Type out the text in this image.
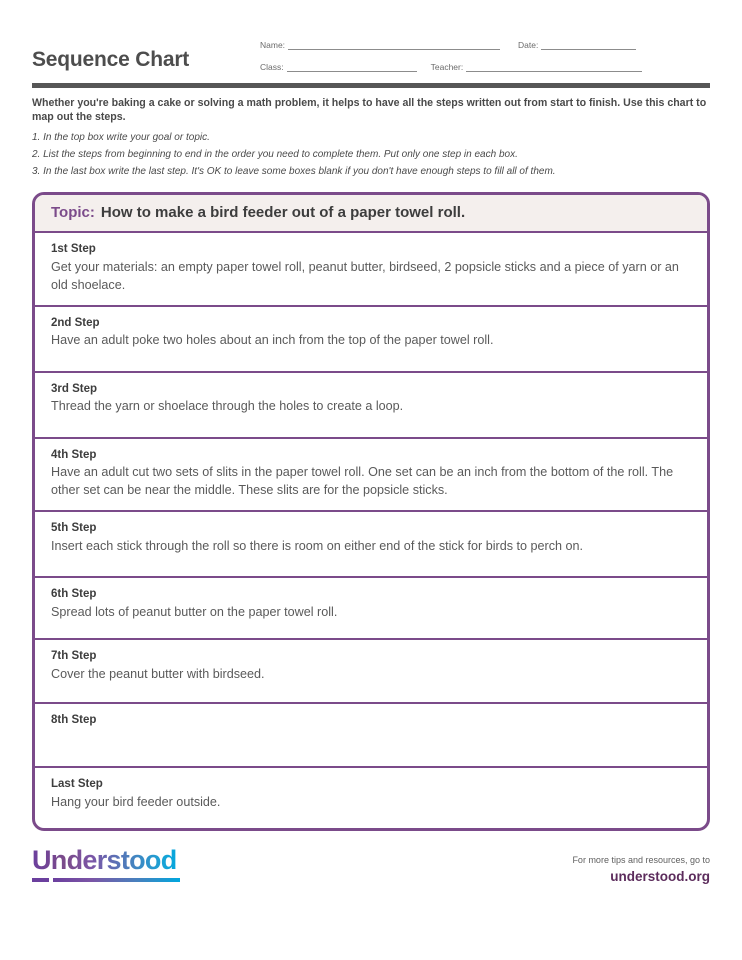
Sequence Chart
Name:	Date:
Class:	Teacher:
Whether you're baking a cake or solving a math problem, it helps to have all the steps written out from start to finish. Use this chart to map out the steps.
1. In the top box write your goal or topic.
2. List the steps from beginning to end in the order you need to complete them. Put only one step in each box.
3. In the last box write the last step. It's OK to leave some boxes blank if you don't have enough steps to fill all of them.
Topic: How to make a bird feeder out of a paper towel roll.
1st Step
Get your materials: an empty paper towel roll, peanut butter, birdseed, 2 popsicle sticks and a piece of yarn or an old shoelace.
2nd Step
Have an adult poke two holes about an inch from the top of the paper towel roll.
3rd Step
Thread the yarn or shoelace through the holes to create a loop.
4th Step
Have an adult cut two sets of slits in the paper towel roll. One set can be an inch from the bottom of the roll. The other set can be near the middle. These slits are for the popsicle sticks.
5th Step
Insert each stick through the roll so there is room on either end of the stick for birds to perch on.
6th Step
Spread lots of peanut butter on the paper towel roll.
7th Step
Cover the peanut butter with birdseed.
8th Step
Last Step
Hang your bird feeder outside.
Understood	For more tips and resources, go to
understood.org
